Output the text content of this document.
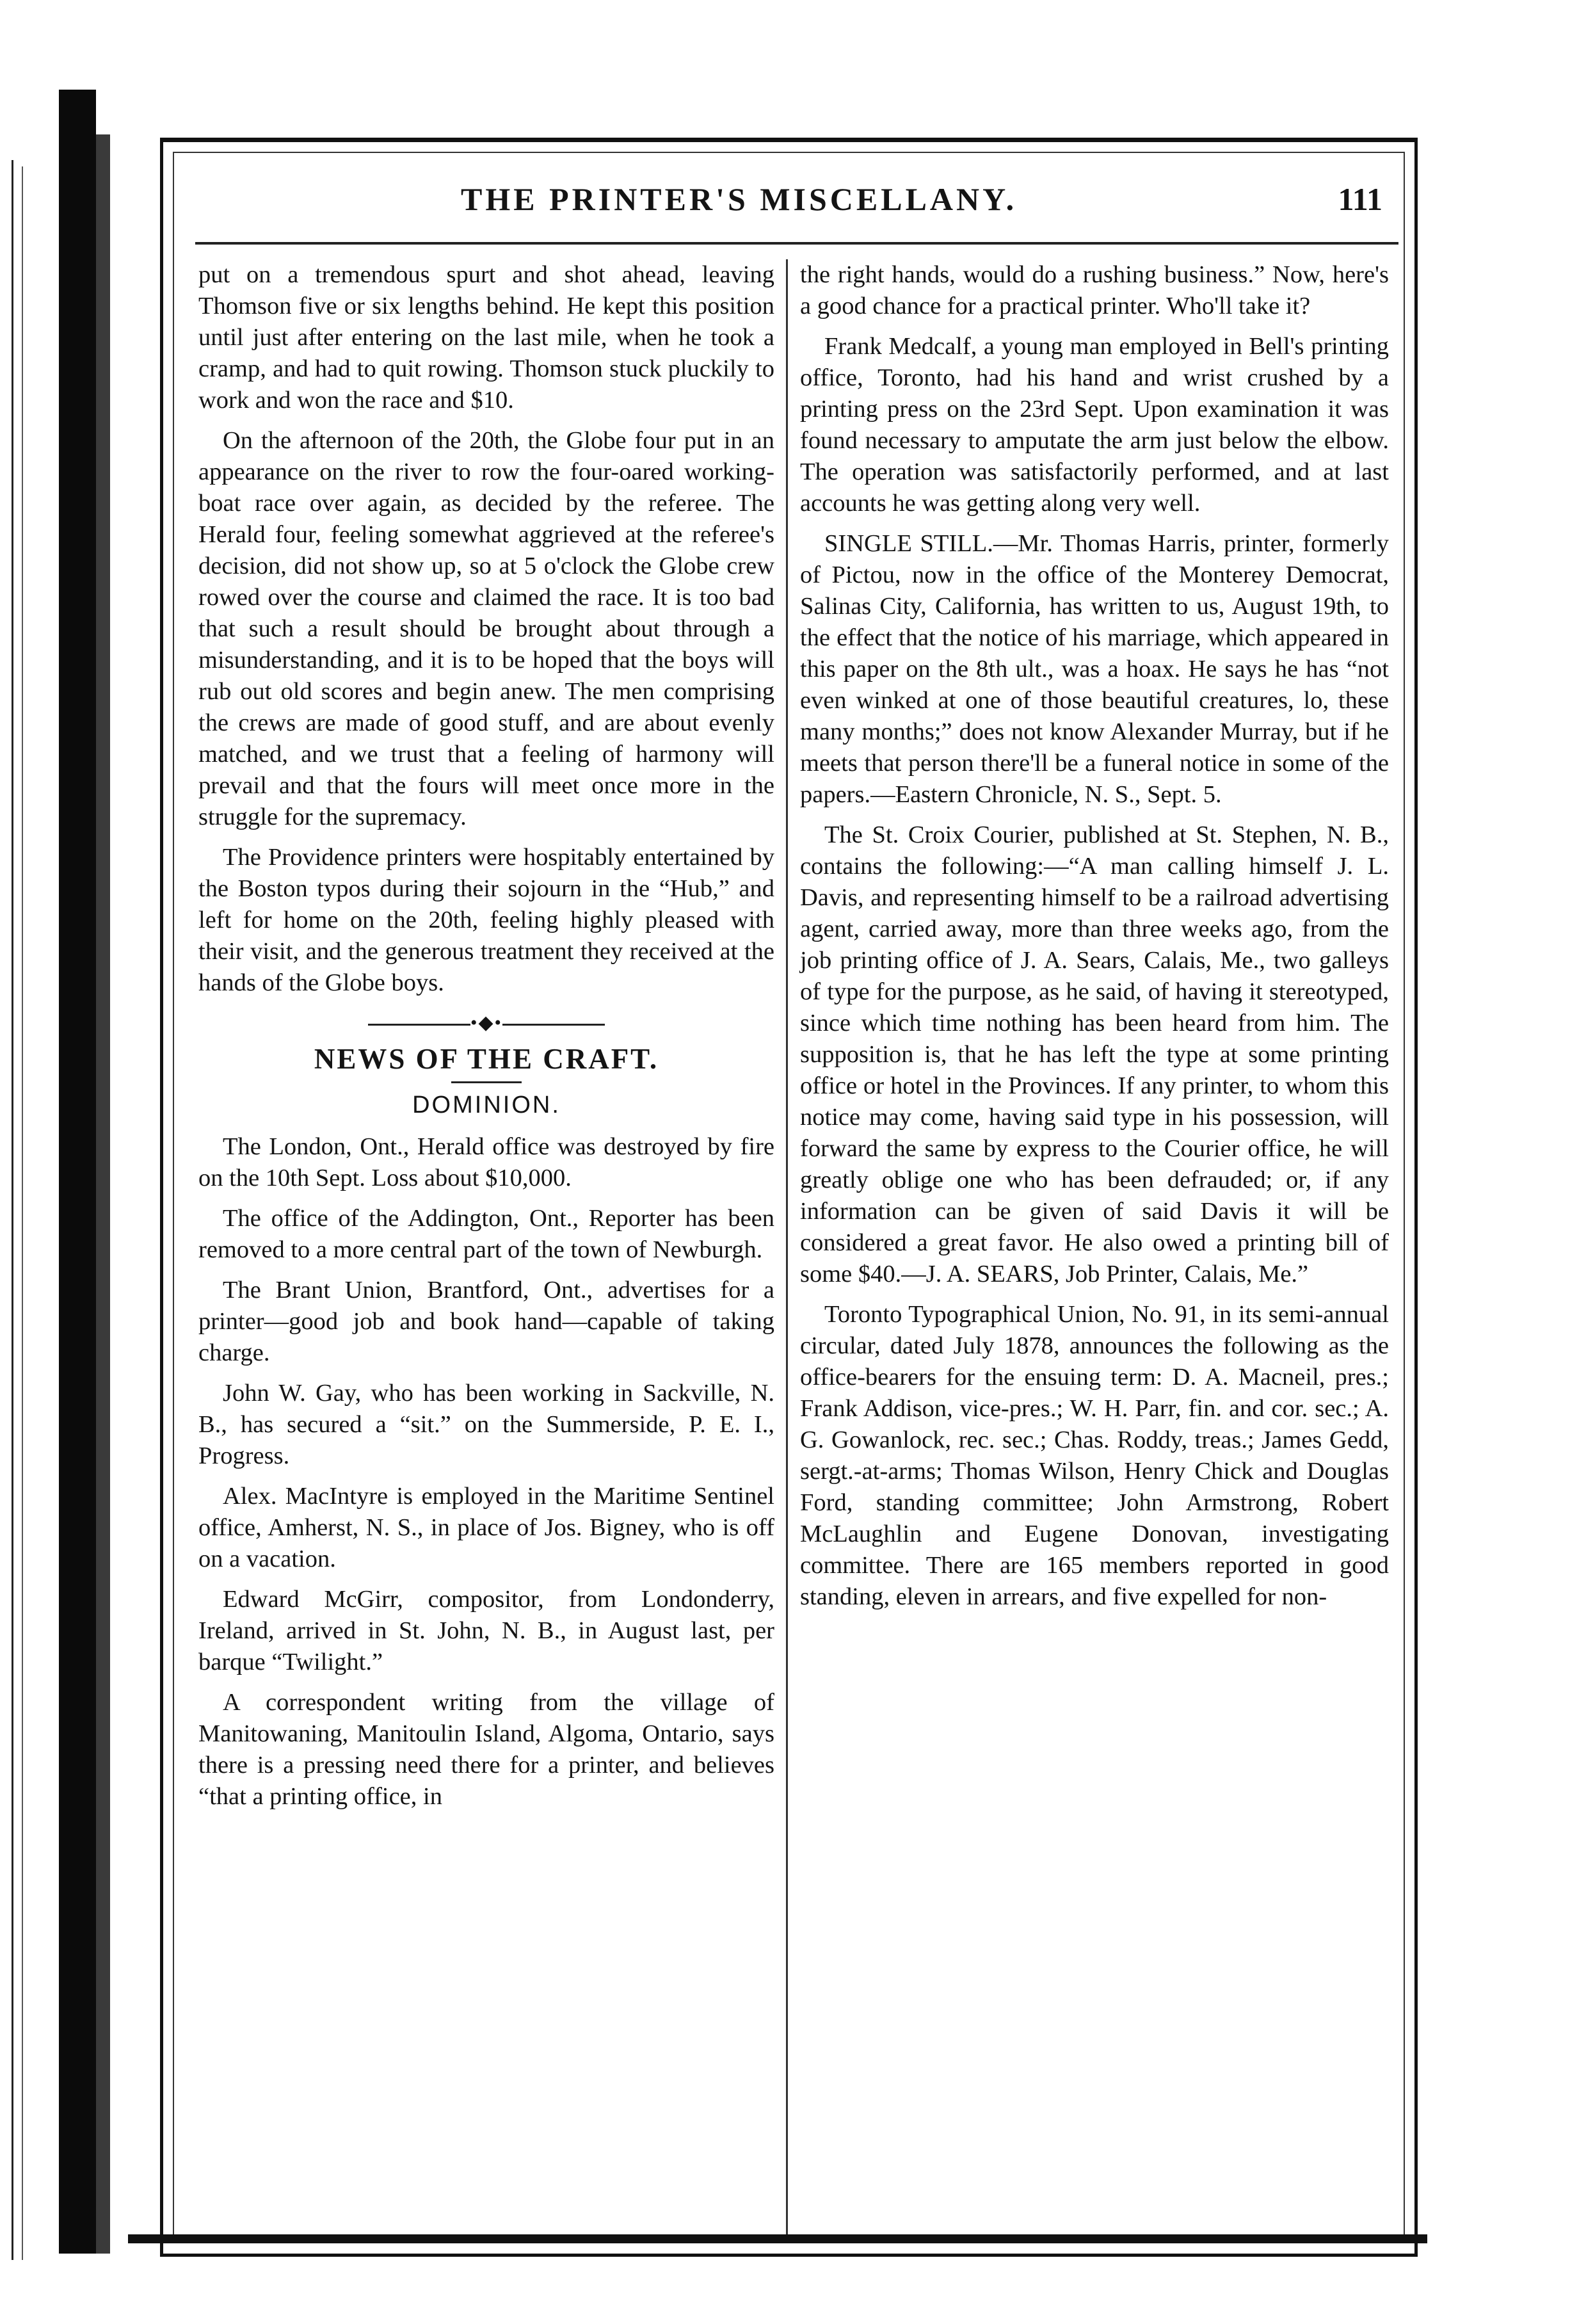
THE PRINTER'S MISCELLANY.	111

put on a tremendous spurt and shot ahead, leaving Thomson five or six lengths behind. He kept this position until just after entering on the last mile, when he took a cramp, and had to quit rowing. Thomson stuck pluckily to work and won the race and $10.

On the afternoon of the 20th, the Globe four put in an appearance on the river to row the four-oared working-boat race over again, as decided by the referee. The Herald four, feeling somewhat aggrieved at the referee's decision, did not show up, so at 5 o'clock the Globe crew rowed over the course and claimed the race. It is too bad that such a result should be brought about through a misunderstanding, and it is to be hoped that the boys will rub out old scores and begin anew. The men comprising the crews are made of good stuff, and are about evenly matched, and we trust that a feeling of harmony will prevail and that the fours will meet once more in the struggle for the supremacy.

The Providence printers were hospitably entertained by the Boston typos during their sojourn in the “Hub,” and left for home on the 20th, feeling highly pleased with their visit, and the generous treatment they received at the hands of the Globe boys.

•◆•
NEWS OF THE CRAFT.
DOMINION.

The London, Ont., Herald office was destroyed by fire on the 10th Sept. Loss about $10,000.

The office of the Addington, Ont., Reporter has been removed to a more central part of the town of Newburgh.

The Brant Union, Brantford, Ont., advertises for a printer—good job and book hand—capable of taking charge.

John W. Gay, who has been working in Sackville, N. B., has secured a “sit.” on the Summerside, P. E. I., Progress.

Alex. MacIntyre is employed in the Maritime Sentinel office, Amherst, N. S., in place of Jos. Bigney, who is off on a vacation.

Edward McGirr, compositor, from Londonderry, Ireland, arrived in St. John, N. B., in August last, per barque “Twilight.”

A correspondent writing from the village of Manitowaning, Manitoulin Island, Algoma, Ontario, says there is a pressing need there for a printer, and believes “that a printing office, in

the right hands, would do a rushing business.” Now, here's a good chance for a practical printer. Who'll take it?

Frank Medcalf, a young man employed in Bell's printing office, Toronto, had his hand and wrist crushed by a printing press on the 23rd Sept. Upon examination it was found necessary to amputate the arm just below the elbow. The operation was satisfactorily performed, and at last accounts he was getting along very well.

SINGLE STILL.—Mr. Thomas Harris, printer, formerly of Pictou, now in the office of the Monterey Democrat, Salinas City, California, has written to us, August 19th, to the effect that the notice of his marriage, which appeared in this paper on the 8th ult., was a hoax. He says he has “not even winked at one of those beautiful creatures, lo, these many months;” does not know Alexander Murray, but if he meets that person there'll be a funeral notice in some of the papers.—Eastern Chronicle, N. S., Sept. 5.

The St. Croix Courier, published at St. Stephen, N. B., contains the following:—“A man calling himself J. L. Davis, and representing himself to be a railroad advertising agent, carried away, more than three weeks ago, from the job printing office of J. A. Sears, Calais, Me., two galleys of type for the purpose, as he said, of having it stereotyped, since which time nothing has been heard from him. The supposition is, that he has left the type at some printing office or hotel in the Provinces. If any printer, to whom this notice may come, having said type in his possession, will forward the same by express to the Courier office, he will greatly oblige one who has been defrauded; or, if any information can be given of said Davis it will be considered a great favor. He also owed a printing bill of some $40.—J. A. SEARS, Job Printer, Calais, Me.”

Toronto Typographical Union, No. 91, in its semi-annual circular, dated July 1878, announces the following as the office-bearers for the ensuing term: D. A. Macneil, pres.; Frank Addison, vice-pres.; W. H. Parr, fin. and cor. sec.; A. G. Gowanlock, rec. sec.; Chas. Roddy, treas.; James Gedd, sergt.-at-arms; Thomas Wilson, Henry Chick and Douglas Ford, standing committee; John Armstrong, Robert McLaughlin and Eugene Donovan, investigating committee. There are 165 members reported in good standing, eleven in arrears, and five expelled for non-
